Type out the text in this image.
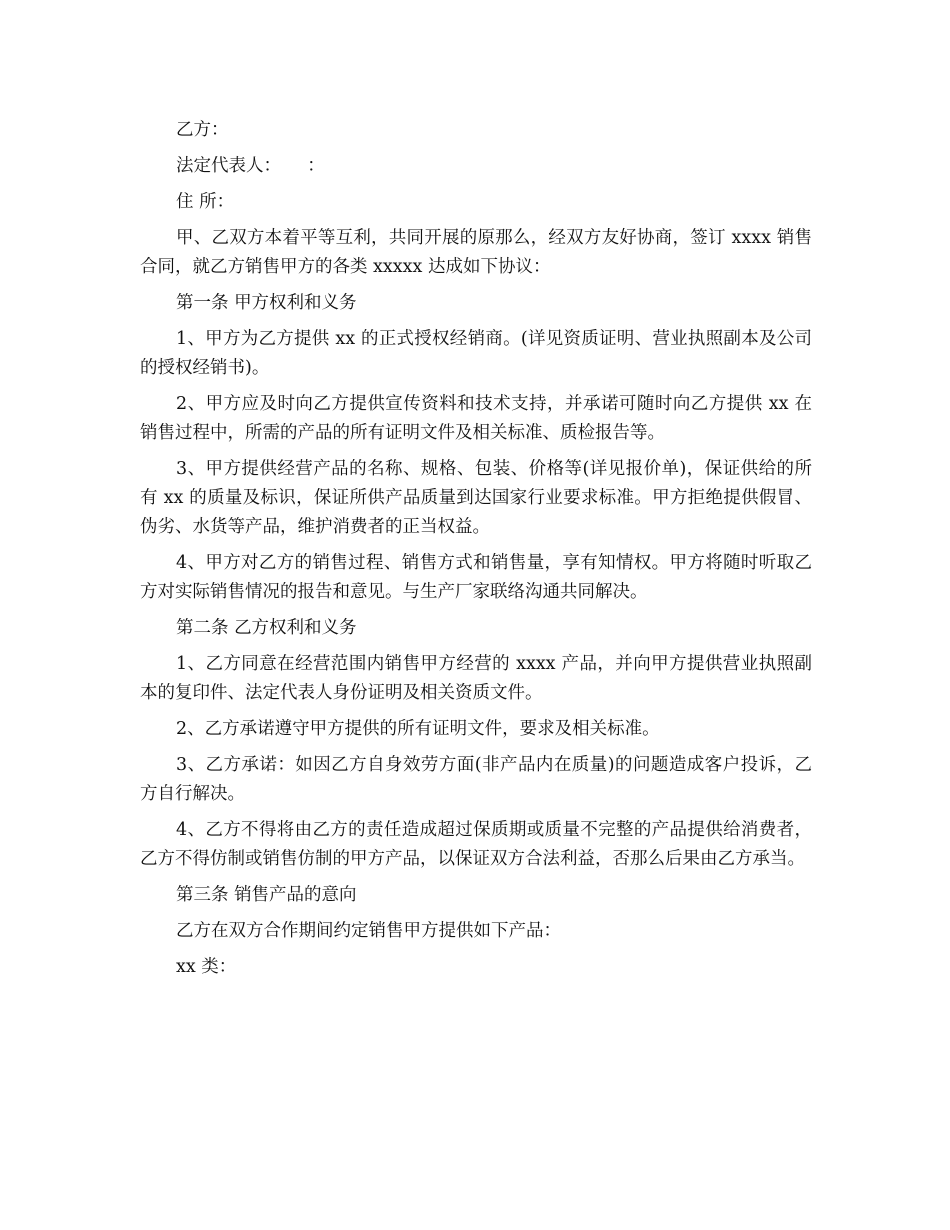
乙方：

法定代表人：　　：

住 所：

甲、乙双方本着平等互利，共同开展的原那么，经双方友好协商，签订 xxxx 销售合同，就乙方销售甲方的各类 xxxxx 达成如下协议：

第一条 甲方权利和义务

1、甲方为乙方提供 xx 的正式授权经销商。(详见资质证明、营业执照副本及公司的授权经销书)。

2、甲方应及时向乙方提供宣传资料和技术支持，并承诺可随时向乙方提供 xx 在销售过程中，所需的产品的所有证明文件及相关标准、质检报告等。

3、甲方提供经营产品的名称、规格、包装、价格等(详见报价单)，保证供给的所有 xx 的质量及标识，保证所供产品质量到达国家行业要求标准。甲方拒绝提供假冒、伪劣、水货等产品，维护消费者的正当权益。

4、甲方对乙方的销售过程、销售方式和销售量，享有知情权。甲方将随时听取乙方对实际销售情况的报告和意见。与生产厂家联络沟通共同解决。

第二条 乙方权利和义务

1、乙方同意在经营范围内销售甲方经营的 xxxx 产品，并向甲方提供营业执照副本的复印件、法定代表人身份证明及相关资质文件。

2、乙方承诺遵守甲方提供的所有证明文件，要求及相关标准。

3、乙方承诺：如因乙方自身效劳方面(非产品内在质量)的问题造成客户投诉，乙方自行解决。

4、乙方不得将由乙方的责任造成超过保质期或质量不完整的产品提供给消费者，乙方不得仿制或销售仿制的甲方产品，以保证双方合法利益，否那么后果由乙方承当。

第三条 销售产品的意向

乙方在双方合作期间约定销售甲方提供如下产品：

xx 类：
